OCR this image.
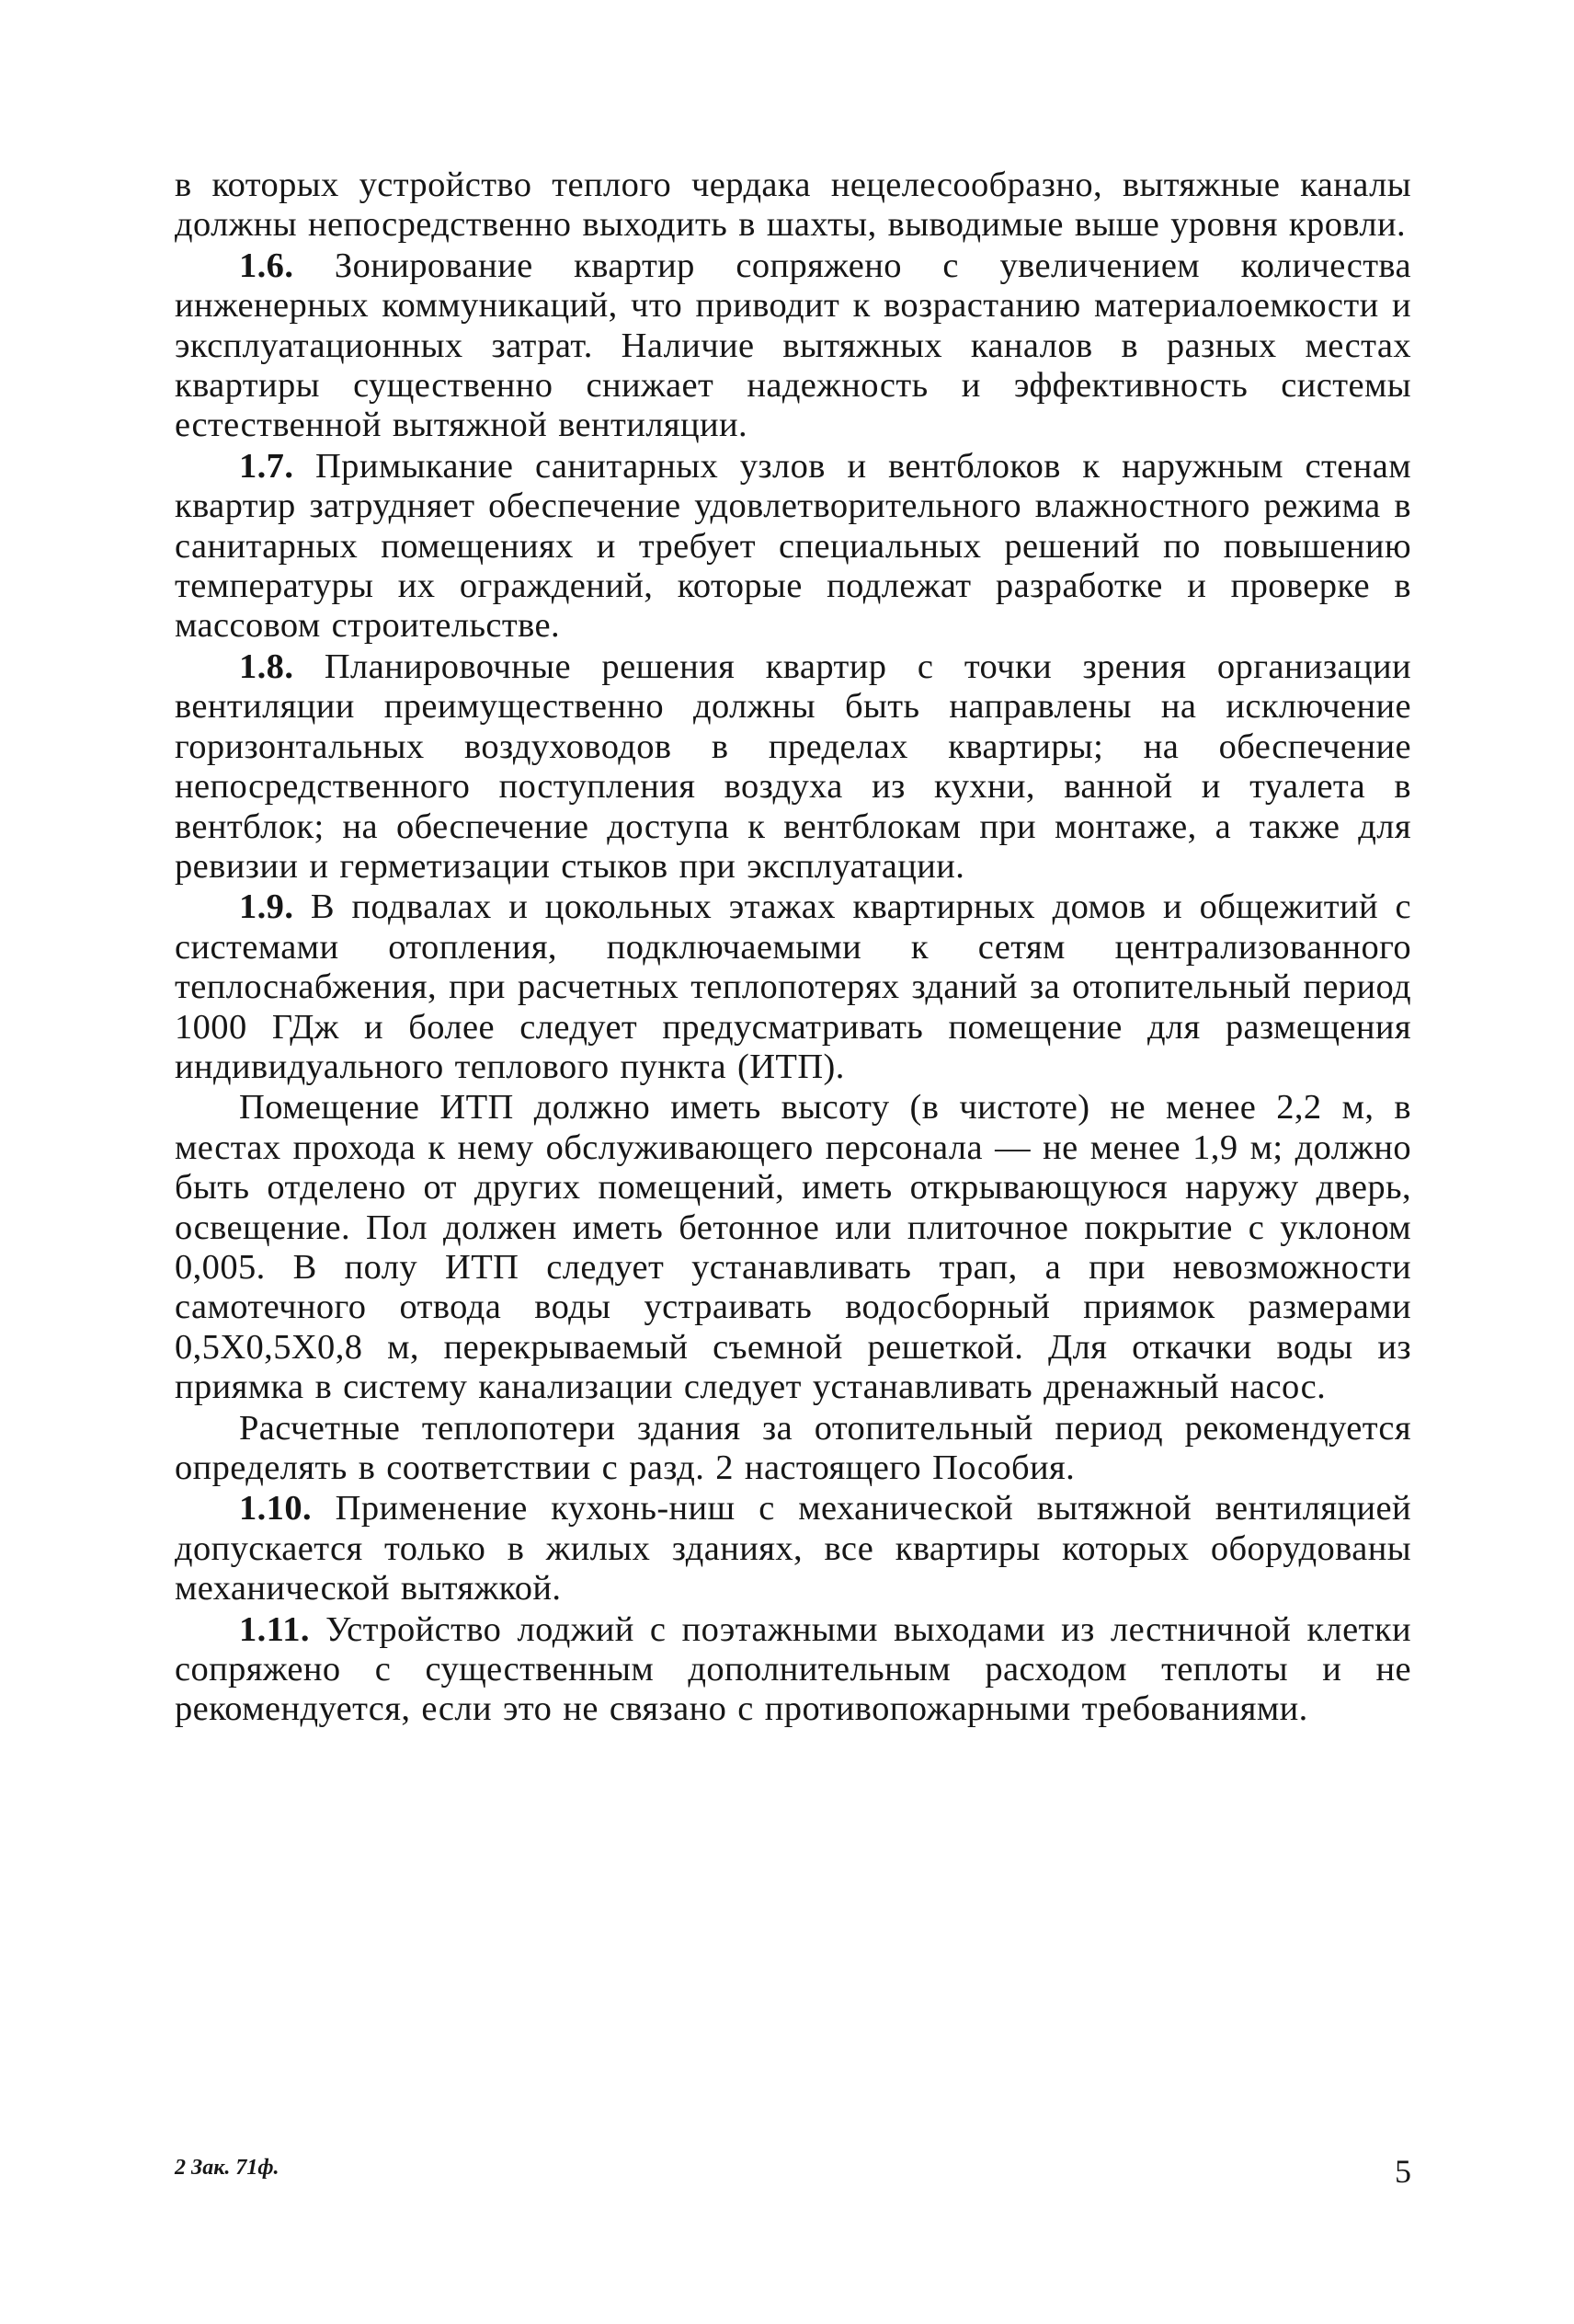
в которых устройство теплого чердака нецелесообразно, вытяжные каналы должны непосредственно выходить в шахты, выводимые выше уровня кровли.

1.6. Зонирование квартир сопряжено с увеличением количества инженерных коммуникаций, что приводит к возрастанию материалоемкости и эксплуатационных затрат. Наличие вытяжных каналов в разных местах квартиры существенно снижает надежность и эффективность системы естественной вытяжной вентиляции.

1.7. Примыкание санитарных узлов и вентблоков к наружным стенам квартир затрудняет обеспечение удовлетворительного влажностного режима в санитарных помещениях и требует специальных решений по повышению температуры их ограждений, которые подлежат разработке и проверке в массовом строительстве.

1.8. Планировочные решения квартир с точки зрения организации вентиляции преимущественно должны быть направлены на исключение горизонтальных воздуховодов в пределах квартиры; на обеспечение непосредственного поступления воздуха из кухни, ванной и туалета в вентблок; на обеспечение доступа к вентблокам при монтаже, а также для ревизии и герметизации стыков при эксплуатации.

1.9. В подвалах и цокольных этажах квартирных домов и общежитий с системами отопления, подключаемыми к сетям централизованного теплоснабжения, при расчетных теплопотерях зданий за отопительный период 1000 ГДж и более следует предусматривать помещение для размещения индивидуального теплового пункта (ИТП).

Помещение ИТП должно иметь высоту (в чистоте) не менее 2,2 м, в местах прохода к нему обслуживающего персонала — не менее 1,9 м; должно быть отделено от других помещений, иметь открывающуюся наружу дверь, освещение. Пол должен иметь бетонное или плиточное покрытие с уклоном 0,005. В полу ИТП следует устанавливать трап, а при невозможности самотечного отвода воды устраивать водосборный приямок размерами 0,5X0,5X0,8 м, перекрываемый съемной решеткой. Для откачки воды из приямка в систему канализации следует устанавливать дренажный насос.

Расчетные теплопотери здания за отопительный период рекомендуется определять в соответствии с разд. 2 настоящего Пособия.

1.10. Применение кухонь-ниш с механической вытяжной вентиляцией допускается только в жилых зданиях, все квартиры которых оборудованы механической вытяжкой.

1.11. Устройство лоджий с поэтажными выходами из лестничной клетки сопряжено с существенным дополнительным расходом теплоты и не рекомендуется, если это не связано с противопожарными требованиями.

2 Зак. 71ф.	5
